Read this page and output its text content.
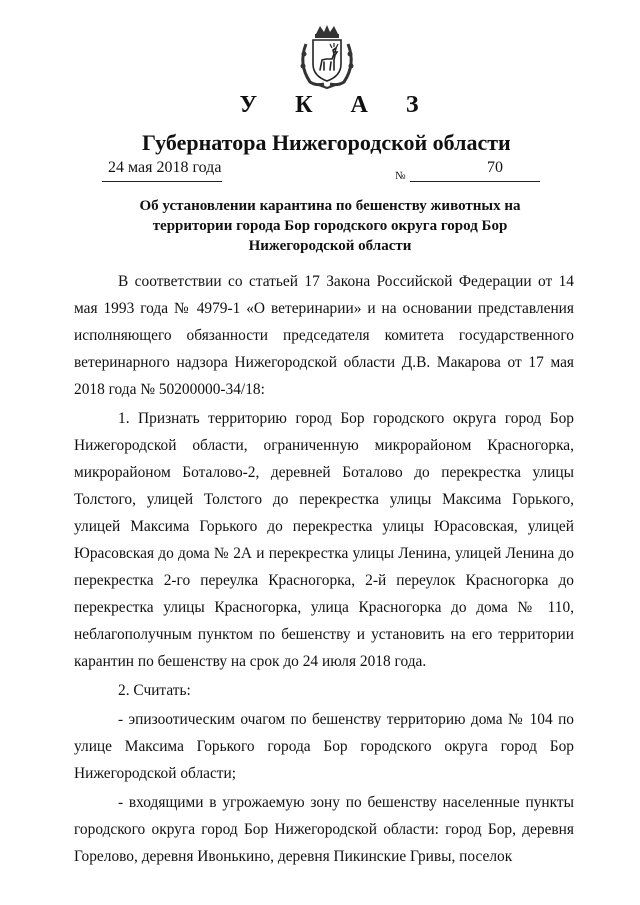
У К А З
Губернатора Нижегородской области
24 мая 2018 года	№	70
Об установлении карантина по бешенству животных на
территории города Бор городского округа город Бор
Нижегородской области

В соответствии со статьей 17 Закона Российской Федерации от 14 мая 1993 года № 4979-1 «О ветеринарии» и на основании представления исполняющего обязанности председателя комитета государственного ветеринарного надзора Нижегородской области Д.В. Макарова от 17 мая 2018 года № 50200000-34/18:

1. Признать территорию город Бор городского округа город Бор Нижегородской области, ограниченную микрорайоном Красногорка, микрорайоном Боталово-2, деревней Боталово до перекрестка улицы Толстого, улицей Толстого до перекрестка улицы Максима Горького, улицей Максима Горького до перекрестка улицы Юрасовская, улицей Юрасовская до дома № 2А и перекрестка улицы Ленина, улицей Ленина до перекрестка 2-го переулка Красногорка, 2-й переулок Красногорка до перекрестка улицы Красногорка, улица Красногорка до дома № 110, неблагополучным пунктом по бешенству и установить на его территории карантин по бешенству на срок до 24 июля 2018 года.

2. Считать:

- эпизоотическим очагом по бешенству территорию дома № 104 по улице Максима Горького города Бор городского округа город Бор Нижегородской области;

- входящими в угрожаемую зону по бешенству населенные пункты городского округа город Бор Нижегородской области: город Бор, деревня Горелово, деревня Ивонькино, деревня Пикинские Гривы, поселок
